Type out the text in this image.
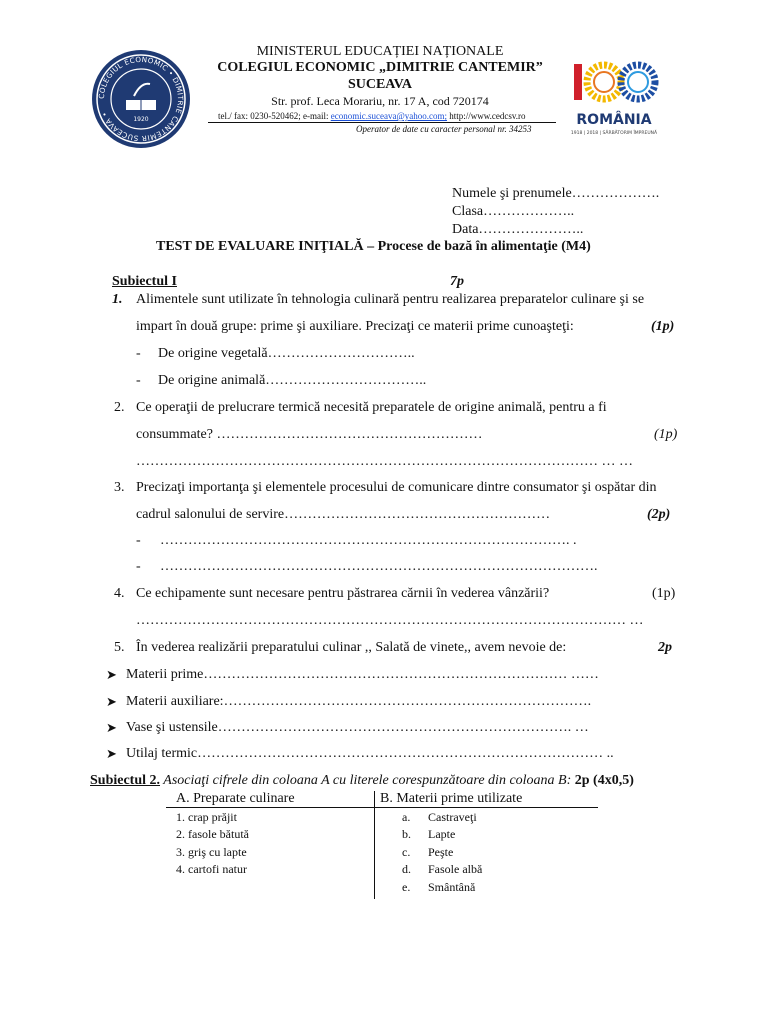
COLEGIUL ECONOMIC • DIMITRIE CANTEMIR SUCEAVA •
1920
MINISTERUL EDUCAȚIEI NAȚIONALE
COLEGIUL ECONOMIC „DIMITRIE CANTEMIR”
SUCEAVA
Str. prof. Leca Morariu, nr. 17 A, cod 720174
tel./ fax: 0230-520462; e-mail: economic.suceava@yahoo.com; http://www.cedcsv.ro
Operator de date cu caracter personal nr. 34253
ROMÂNIA
1918 | 2018 | SĂRBĂTORIM ÎMPREUNĂ
Numele şi prenumele……………….
Clasa………………..
Data…………………..
TEST DE EVALUARE INIŢIALĂ – Procese de bază în alimentaţie (M4)
Subiectul I	7p
1. Alimentele sunt utilizate în tehnologia culinară pentru realizarea preparatelor culinare şi se
impart în două grupe: prime şi auxiliare. Precizaţi ce materii prime cunoaşteţi:	(1p)
- De origine vegetală…………………………..
- De origine animală……………………………..
2. Ce operaţii de prelucrare termică necesită preparatele de origine animală, pentru a fi
consummate? …………………………………………………	(1p)
……………………………………………………………………………………… … …
3. Precizaţi importanţa şi elementele procesului de comunicare dintre consumator şi ospătar din
cadrul salonului de servire…………………………………………………	(2p)
- ……………………………………………………………………………. .
- ………………………………………………………………………………….
4. Ce echipamente sunt necesare pentru păstrarea cărnii în vederea vânzării?	(1p)
…………………………………………………………………………………………… …
5. În vederea realizării preparatului culinar ,, Salată de vinete,, avem nevoie de:	2p
➤ Materii prime…………………………………………………………………… ……
➤ Materii auxiliare:…………………………………………………………………….
➤ Vase şi ustensile…………………………………………………………………. …
➤ Utilaj termic…………………………………………………………………………… ..
Subiectul 2. Asociaţi cifrele din coloana A cu literele corespunzătoare din coloana B: 2p (4x0,5)
A. Preparate culinare	B. Materii prime utilizate
1. crap prăjit
2. fasole bătută
3. griş cu lapte
4. cartofi natur
a. Castraveţi
b. Lapte
c. Peşte
d. Fasole albă
e. Smântână
